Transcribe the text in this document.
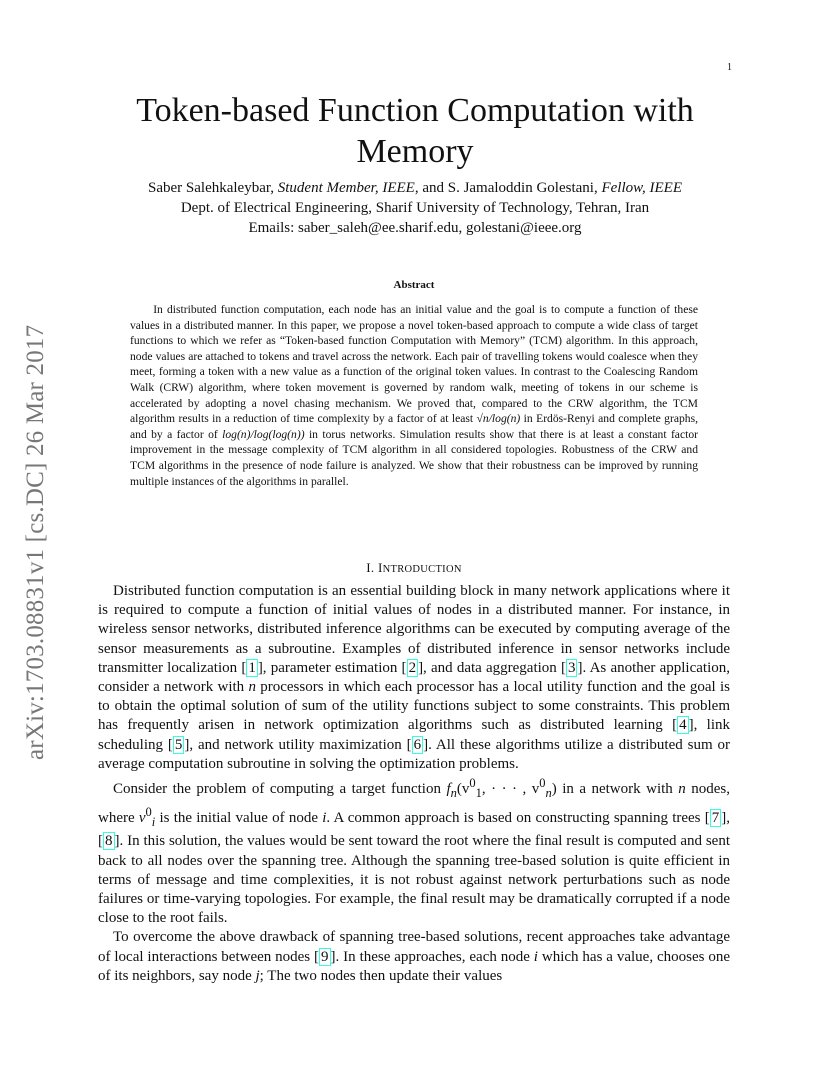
1
arXiv:1703.08831v1 [cs.DC] 26 Mar 2017
Token-based Function Computation with
Memory
Saber Salehkaleybar, Student Member, IEEE, and S. Jamaloddin Golestani, Fellow, IEEE
Dept. of Electrical Engineering, Sharif University of Technology, Tehran, Iran
Emails: saber_saleh@ee.sharif.edu, golestani@ieee.org
Abstract

In distributed function computation, each node has an initial value and the goal is to compute a function of these values in a distributed manner. In this paper, we propose a novel token-based approach to compute a wide class of target functions to which we refer as “Token-based function Computation with Memory” (TCM) algorithm. In this approach, node values are attached to tokens and travel across the network. Each pair of travelling tokens would coalesce when they meet, forming a token with a new value as a function of the original token values. In contrast to the Coalescing Random Walk (CRW) algorithm, where token movement is governed by random walk, meeting of tokens in our scheme is accelerated by adopting a novel chasing mechanism. We proved that, compared to the CRW algorithm, the TCM algorithm results in a reduction of time complexity by a factor of at least √n/log(n) in Erdös-Renyi and complete graphs, and by a factor of log(n)/log(log(n)) in torus networks. Simulation results show that there is at least a constant factor improvement in the message complexity of TCM algorithm in all considered topologies. Robustness of the CRW and TCM algorithms in the presence of node failure is analyzed. We show that their robustness can be improved by running multiple instances of the algorithms in parallel.

I. INTRODUCTION

Distributed function computation is an essential building block in many network applications where it is required to compute a function of initial values of nodes in a distributed manner. For instance, in wireless sensor networks, distributed inference algorithms can be executed by computing average of the sensor measurements as a subroutine. Examples of distributed inference in sensor networks include transmitter localization [ 1 ], parameter estimation [ 2 ], and data aggregation [ 3 ]. As another application, consider a network with n processors in which each processor has a local utility function and the goal is to obtain the optimal solution of sum of the utility functions subject to some constraints. This problem has frequently arisen in network optimization algorithms such as distributed learning [ 4 ], link scheduling [ 5 ], and network utility maximization [ 6 ]. All these algorithms utilize a distributed sum or average computation subroutine in solving the optimization problems.

Consider the problem of computing a target function $f_n(v^0_1$, · · · , $v^0_n$) in a network with n nodes, where $v^0_i$ is the initial value of node i. A common approach is based on constructing spanning trees [ 7 ], [ 8 ]. In this solution, the values would be sent toward the root where the final result is computed and sent back to all nodes over the spanning tree. Although the spanning tree-based solution is quite efficient in terms of message and time complexities, it is not robust against network perturbations such as node failures or time-varying topologies. For example, the final result may be dramatically corrupted if a node close to the root fails.

To overcome the above drawback of spanning tree-based solutions, recent approaches take advantage of local interactions between nodes [ 9 ]. In these approaches, each node i which has a value, chooses one of its neighbors, say node j; The two nodes then update their values
